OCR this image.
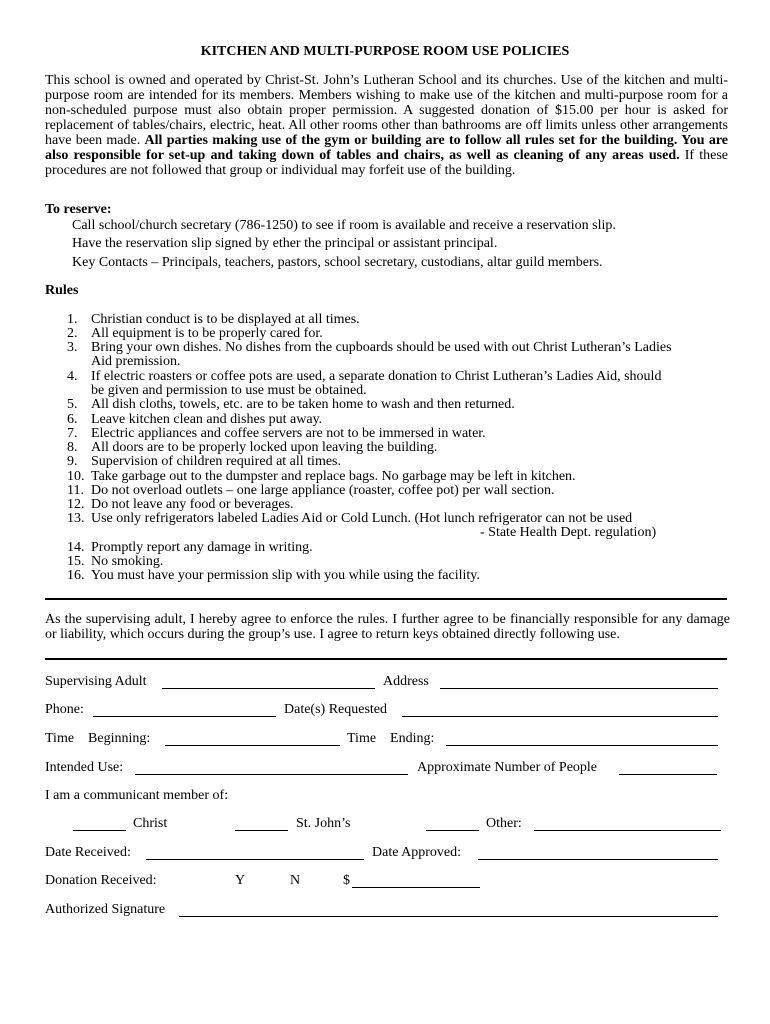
KITCHEN AND MULTI-PURPOSE ROOM USE POLICIES
This school is owned and operated by Christ-St. John’s Lutheran School and its churches. Use of the kitchen and multi-purpose room are intended for its members. Members wishing to make use of the kitchen and multi-purpose room for a non-scheduled purpose must also obtain proper permission. A suggested donation of $15.00 per hour is asked for replacement of tables/chairs, electric, heat. All other rooms other than bathrooms are off limits unless other arrangements have been made. All parties making use of the gym or building are to follow all rules set for the building. You are also responsible for set-up and taking down of tables and chairs, as well as cleaning of any areas used. If these procedures are not followed that group or individual may forfeit use of the building.
To reserve:
Call school/church secretary (786-1250) to see if room is available and receive a reservation slip.
Have the reservation slip signed by ether the principal or assistant principal.
Key Contacts – Principals, teachers, pastors, school secretary, custodians, altar guild members.
Rules
1. Christian conduct is to be displayed at all times.
2. All equipment is to be properly cared for.
3. Bring your own dishes. No dishes from the cupboards should be used with out Christ Lutheran’s Ladies
Aid premission.
4. If electric roasters or coffee pots are used, a separate donation to Christ Lutheran’s Ladies Aid, should
be given and permission to use must be obtained.
5. All dish cloths, towels, etc. are to be taken home to wash and then returned.
6. Leave kitchen clean and dishes put away.
7. Electric appliances and coffee servers are not to be immersed in water.
8. All doors are to be properly locked upon leaving the building.
9. Supervision of children required at all times.
10. Take garbage out to the dumpster and replace bags. No garbage may be left in kitchen.
11. Do not overload outlets – one large appliance (roaster, coffee pot) per wall section.
12. Do not leave any food or beverages.
13. Use only refrigerators labeled Ladies Aid or Cold Lunch. (Hot lunch refrigerator can not be used
- State Health Dept. regulation)
14. Promptly report any damage in writing.
15. No smoking.
16. You must have your permission slip with you while using the facility.
As the supervising adult, I hereby agree to enforce the rules. I further agree to be financially responsible for any damage or liability, which occurs during the group’s use. I agree to return keys obtained directly following use.
Supervising Adult	Address
Phone:	Date(s) Requested
Time    Beginning:	Time    Ending:
Intended Use:	Approximate Number of People
I am a communicant member of:
Christ	St. John’s	Other:
Date Received:	Date Approved:
Donation Received:	Y	N	$
Authorized Signature
